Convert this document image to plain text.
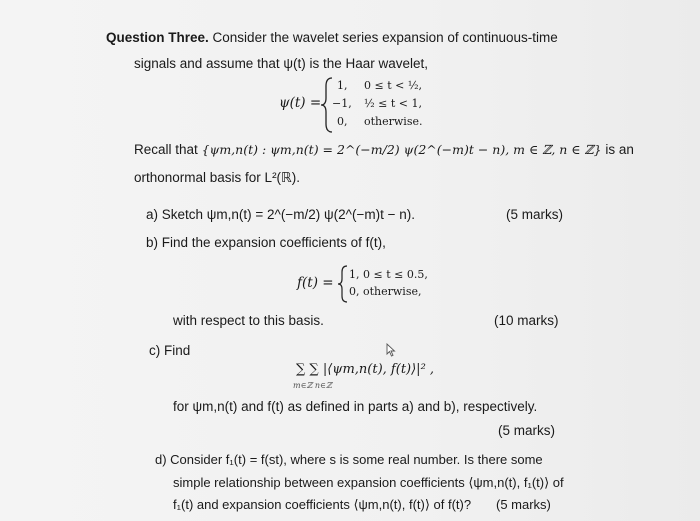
Question Three. Consider the wavelet series expansion of continuous-time
signals and assume that ψ(t) is the Haar wavelet,
ψ(t) =
1, 0 ≤ t < ½,
−1, ½ ≤ t < 1,
0, otherwise.
Recall that {ψm,n(t) : ψm,n(t) = 2^(−m/2) ψ(2^(−m)t − n), m ∈ ℤ, n ∈ ℤ} is an
orthonormal basis for L²(ℝ).
a) Sketch ψm,n(t) = 2^(−m/2) ψ(2^(−m)t − n).	(5 marks)
b) Find the expansion coefficients of f(t),
f(t) =
1, 0 ≤ t ≤ 0.5,
0, otherwise,
with respect to this basis.	(10 marks)
c) Find
∑ ∑ |⟨ψm,n(t), f(t)⟩|² ,
m∈ℤ n∈ℤ
for ψm,n(t) and f(t) as defined in parts a) and b), respectively.
(5 marks)
d) Consider f₁(t) = f(st), where s is some real number. Is there some
simple relationship between expansion coefficients ⟨ψm,n(t), f₁(t)⟩ of
f₁(t) and expansion coefficients ⟨ψm,n(t), f(t)⟩ of f(t)? (5 marks)
